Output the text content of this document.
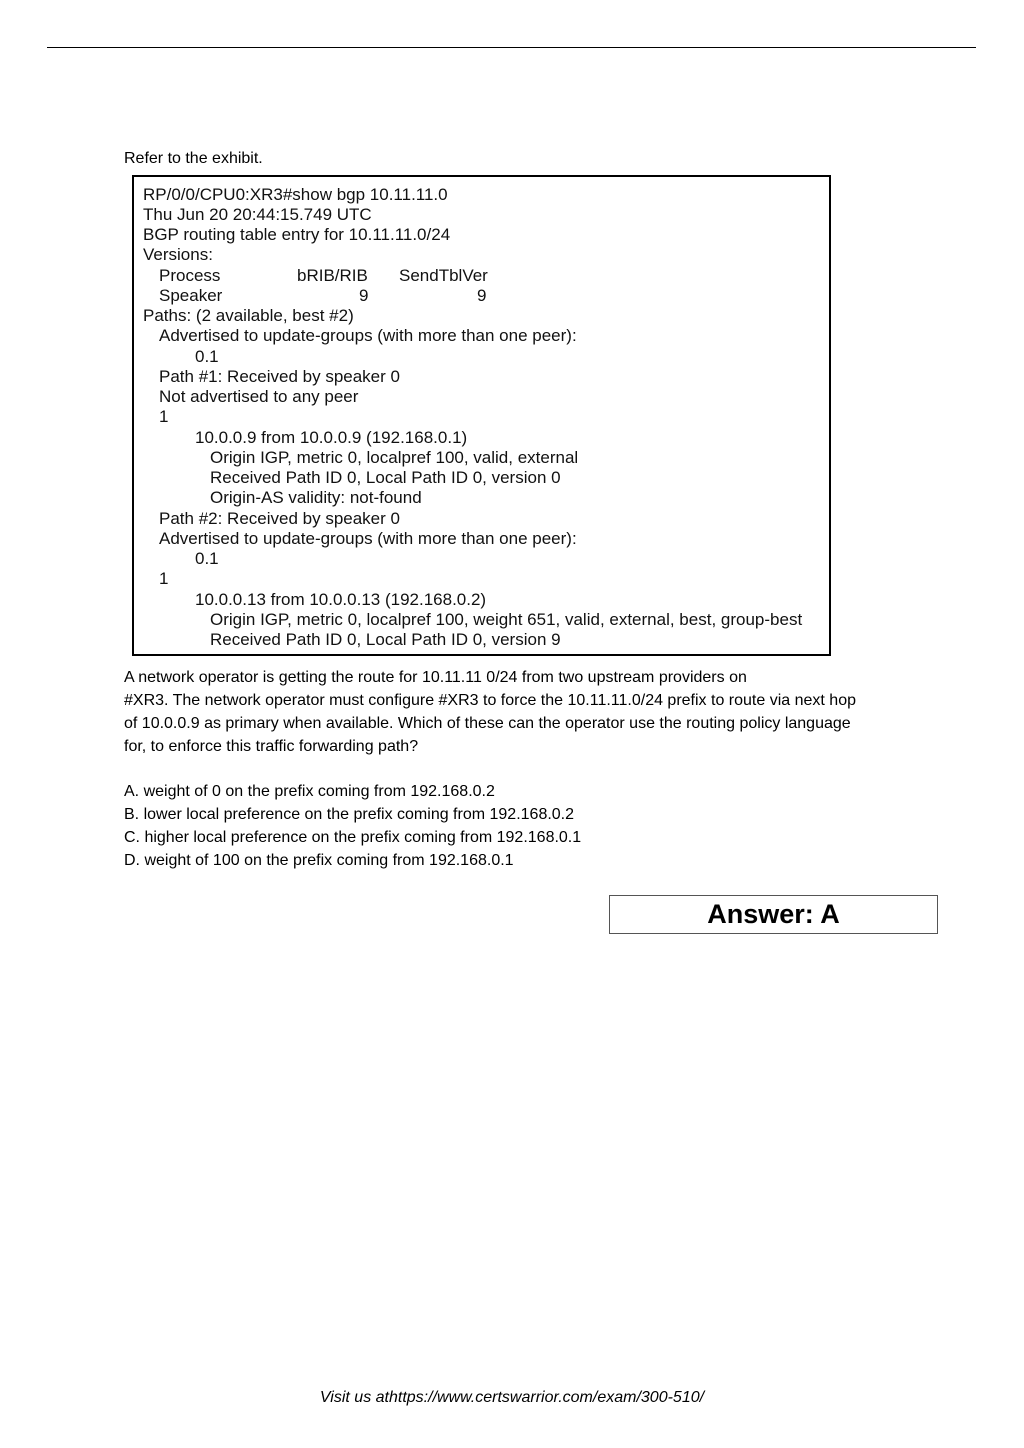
Refer to the exhibit.
RP/0/0/CPU0:XR3#show bgp 10.11.11.0
Thu Jun 20 20:44:15.749 UTC
BGP routing table entry for 10.11.11.0/24
Versions:
Process	bRIB/RIB SendTblVer
Speaker	9	9
Paths: (2 available, best #2)
Advertised to update-groups (with more than one peer):
0.1
Path #1: Received by speaker 0
Not advertised to any peer
1
10.0.0.9 from 10.0.0.9 (192.168.0.1)
Origin IGP, metric 0, localpref 100, valid, external
Received Path ID 0, Local Path ID 0, version 0
Origin-AS validity: not-found
Path #2: Received by speaker 0
Advertised to update-groups (with more than one peer):
0.1
1
10.0.0.13 from 10.0.0.13 (192.168.0.2)
Origin IGP, metric 0, localpref 100, weight 651, valid, external, best, group-best
Received Path ID 0, Local Path ID 0, version 9
A network operator is getting the route for 10.11.11 0/24 from two upstream providers on
#XR3. The network operator must configure #XR3 to force the 10.11.11.0/24 prefix to route via next hop
of 10.0.0.9 as primary when available. Which of these can the operator use the routing policy language
for, to enforce this traffic forwarding path?
A. weight of 0 on the prefix coming from 192.168.0.2
B. lower local preference on the prefix coming from 192.168.0.2
C. higher local preference on the prefix coming from 192.168.0.1
D. weight of 100 on the prefix coming from 192.168.0.1
Answer: A
Visit us athttps://www.certswarrior.com/exam/300-510/
